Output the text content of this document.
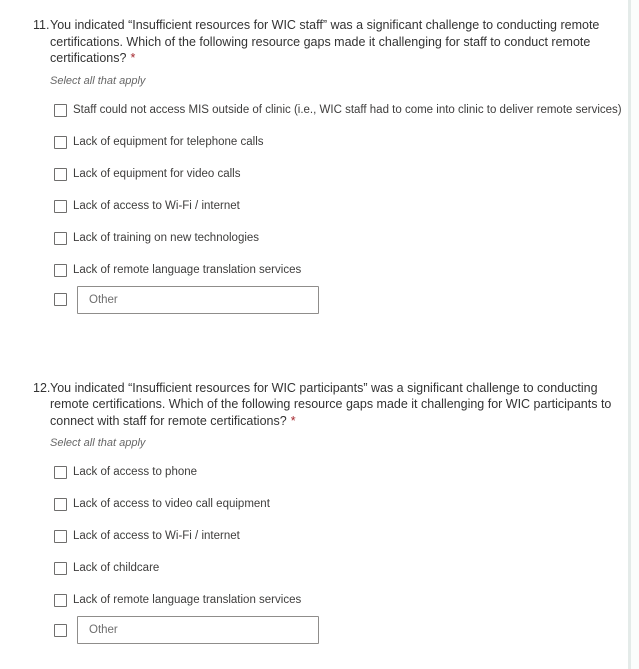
11. You indicated “Insufficient resources for WIC staff” was a significant challenge to conducting remote certifications. Which of the following resource gaps made it challenging for staff to conduct remote certifications? *
Select all that apply
Staff could not access MIS outside of clinic (i.e., WIC staff had to come into clinic to deliver remote services)
Lack of equipment for telephone calls
Lack of equipment for video calls
Lack of access to Wi-Fi / internet
Lack of training on new technologies
Lack of remote language translation services
Other
12. You indicated “Insufficient resources for WIC participants” was a significant challenge to conducting remote certifications. Which of the following resource gaps made it challenging for WIC participants to connect with staff for remote certifications? *
Select all that apply
Lack of access to phone
Lack of access to video call equipment
Lack of access to Wi-Fi / internet
Lack of childcare
Lack of remote language translation services
Other
